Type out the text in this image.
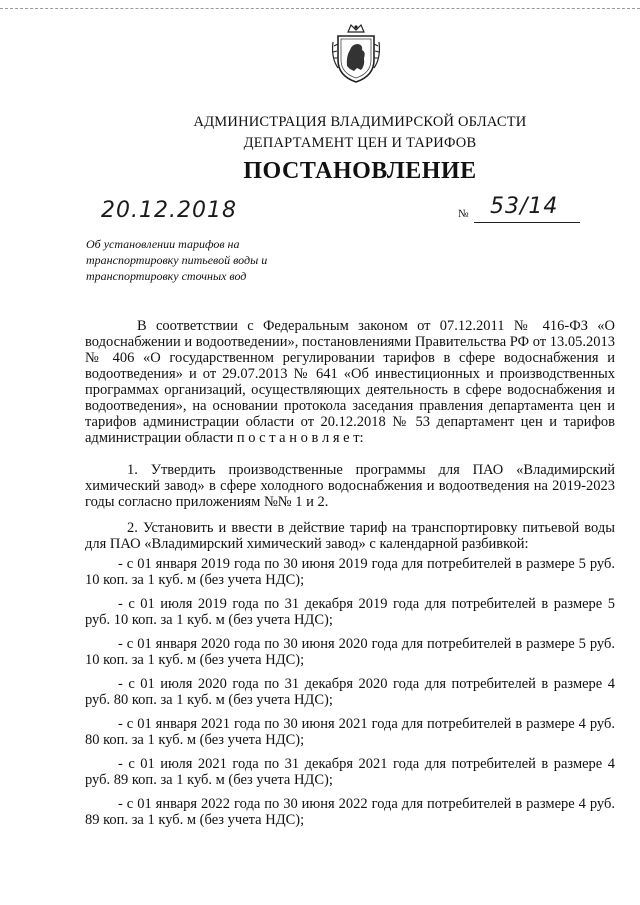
АДМИНИСТРАЦИЯ ВЛАДИМИРСКОЙ ОБЛАСТИ
ДЕПАРТАМЕНТ ЦЕН И ТАРИФОВ
ПОСТАНОВЛЕНИЕ
20.12.2018	№ 53/14
Об установлении тарифов на транспортировку питьевой воды и транспортировку сточных вод
В соответствии с Федеральным законом от 07.12.2011 № 416-ФЗ «О водоснабжении и водоотведении», постановлениями Правительства РФ от 13.05.2013 № 406 «О государственном регулировании тарифов в сфере водоснабжения и водоотведения» и от 29.07.2013 № 641 «Об инвестиционных и производственных программах организаций, осуществляющих деятельность в сфере водоснабжения и водоотведения», на основании протокола заседания правления департамента цен и тарифов администрации области от 20.12.2018 № 53 департамент цен и тарифов администрации области п о с т а н о в л я е т:
1. Утвердить производственные программы для ПАО «Владимирский химический завод» в сфере холодного водоснабжения и водоотведения на 2019-2023 годы согласно приложениям №№ 1 и 2.
2. Установить и ввести в действие тариф на транспортировку питьевой воды для ПАО «Владимирский химический завод» с календарной разбивкой:
- с 01 января 2019 года по 30 июня 2019 года для потребителей в размере 5 руб. 10 коп. за 1 куб. м (без учета НДС);
- с 01 июля 2019 года по 31 декабря 2019 года для потребителей в размере 5 руб. 10 коп. за 1 куб. м (без учета НДС);
- с 01 января 2020 года по 30 июня 2020 года для потребителей в размере 5 руб. 10 коп. за 1 куб. м (без учета НДС);
- с 01 июля 2020 года по 31 декабря 2020 года для потребителей в размере 4 руб. 80 коп. за 1 куб. м (без учета НДС);
- с 01 января 2021 года по 30 июня 2021 года для потребителей в размере 4 руб. 80 коп. за 1 куб. м (без учета НДС);
- с 01 июля 2021 года по 31 декабря 2021 года для потребителей в размере 4 руб. 89 коп. за 1 куб. м (без учета НДС);
- с 01 января 2022 года по 30 июня 2022 года для потребителей в размере 4 руб. 89 коп. за 1 куб. м (без учета НДС);
